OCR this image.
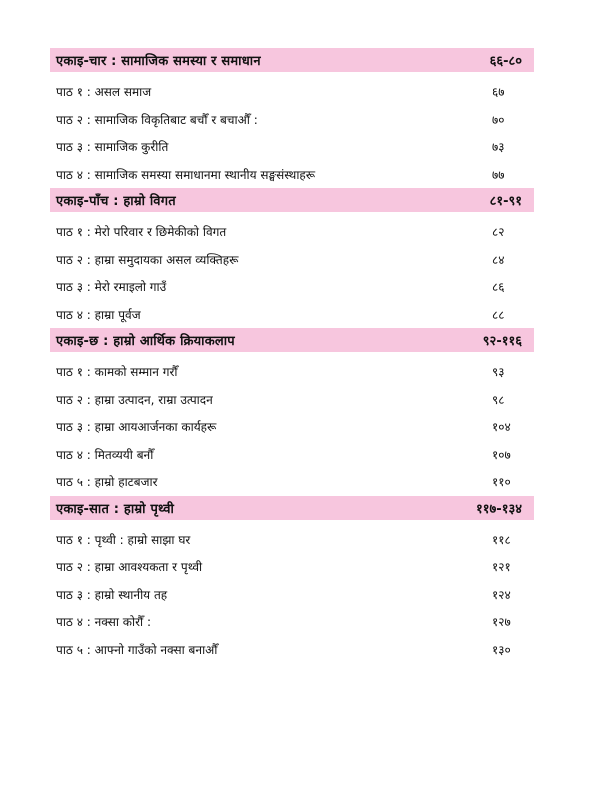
एकाइ-चार : सामाजिक समस्या र समाधान	६६-८०
पाठ १ : असल समाज	६७
पाठ २ : सामाजिक विकृतिबाट बचौँ र बचाऔँ :	७०
पाठ ३ : सामाजिक कुरीति	७३
पाठ ४ : सामाजिक समस्या समाधानमा स्थानीय सङ्घसंस्थाहरू	७७
एकाइ-पाँच : हाम्रो विगत	८१-९१
पाठ १ : मेरो परिवार र छिमेकीको विगत	८२
पाठ २ : हाम्रा समुदायका असल व्यक्तिहरू	८४
पाठ ३ : मेरो रमाइलो गाउँ	८६
पाठ ४ : हाम्रा पूर्वज	८८
एकाइ-छ : हाम्रो आर्थिक क्रियाकलाप	९२-११६
पाठ १ : कामको सम्मान गरौँ	९३
पाठ २ : हाम्रा उत्पादन, राम्रा उत्पादन	९८
पाठ ३ : हाम्रा आयआर्जनका कार्यहरू	१०४
पाठ ४ : मितव्ययी बनौँ	१०७
पाठ ५ : हाम्रो हाटबजार	११०
एकाइ-सात : हाम्रो पृथ्वी	११७-१३४
पाठ १ : पृथ्वी : हाम्रो साझा घर	११८
पाठ २ : हाम्रा आवश्यकता र पृथ्वी	१२१
पाठ ३ : हाम्रो स्थानीय तह	१२४
पाठ ४ : नक्सा कोरौँ :	१२७
पाठ ५ : आफ्नो गाउँको नक्सा बनाऔँ	१३०
